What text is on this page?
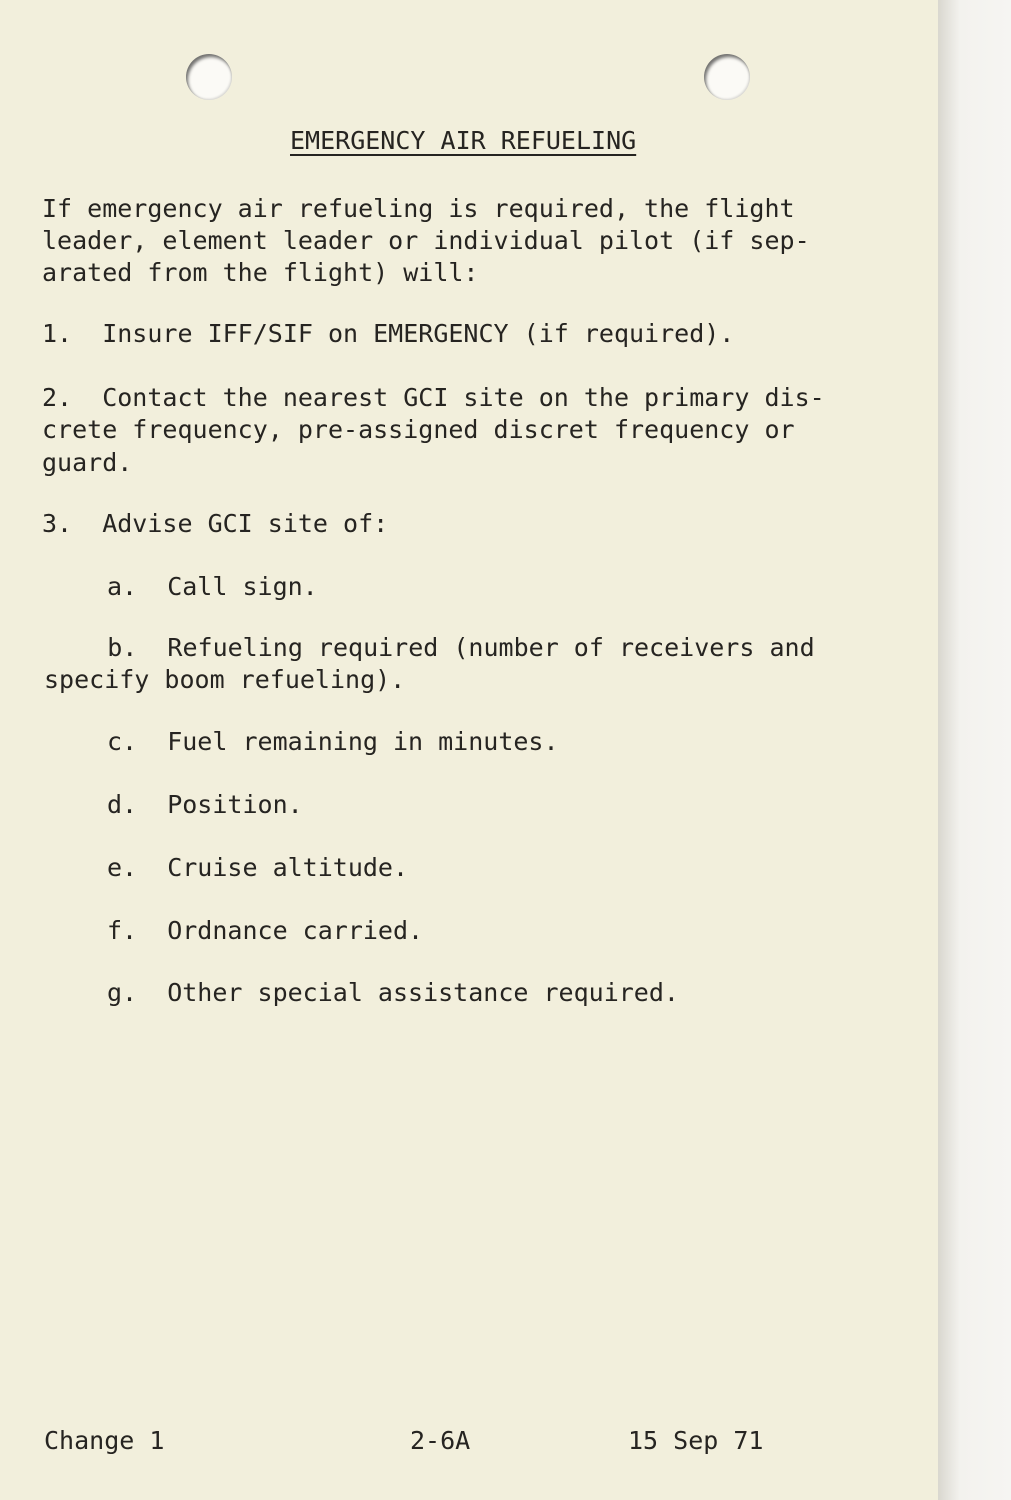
EMERGENCY AIR REFUELING
If emergency air refueling is required, the flight
leader, element leader or individual pilot (if sep-
arated from the flight) will:
1.  Insure IFF/SIF on EMERGENCY (if required).
2.  Contact the nearest GCI site on the primary dis-
crete frequency, pre-assigned discret frequency or
guard.
3.  Advise GCI site of:
a.  Call sign.
b.  Refueling required (number of receivers and
specify boom refueling).
c.  Fuel remaining in minutes.
d.  Position.
e.  Cruise altitude.
f.  Ordnance carried.
g.  Other special assistance required.
Change 1	2-6A	15 Sep 71
